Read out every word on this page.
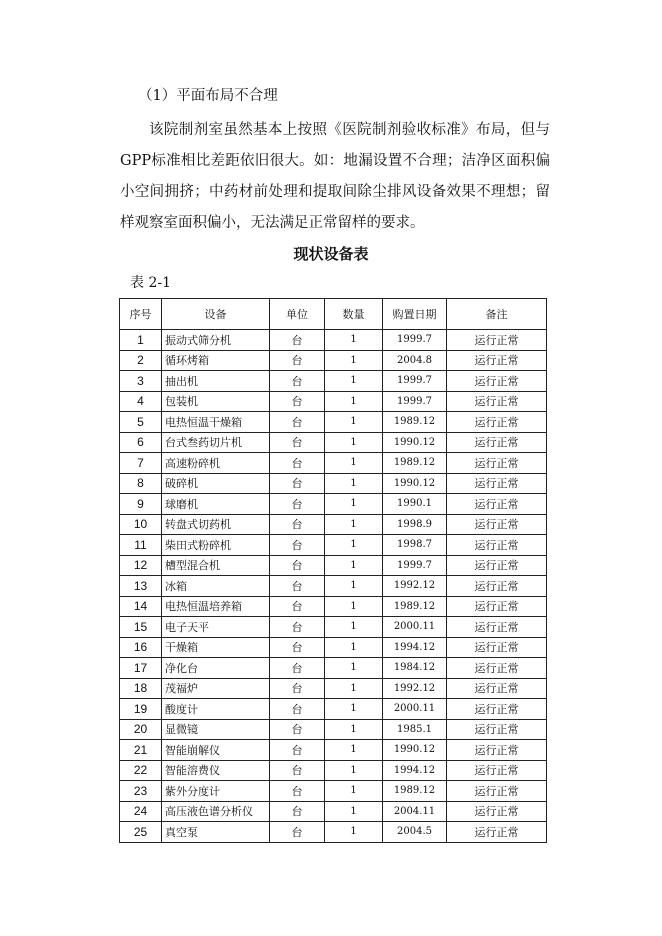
（1）平面布局不合理

该院制剂室虽然基本上按照《医院制剂验收标准》布局，但与GPP标准相比差距依旧很大。如：地漏设置不合理；洁净区面积偏小空间拥挤；中药材前处理和提取间除尘排风设备效果不理想；留样观察室面积偏小，无法满足正常留样的要求。

现状设备表
表 2-1
序号	设备	单位	数量	购置日期	备注
1	振动式筛分机	台	1	1999.7	运行正常
2	循环烤箱	台	1	2004.8	运行正常
3	抽出机	台	1	1999.7	运行正常
4	包装机	台	1	1999.7	运行正常
5	电热恒温干燥箱	台	1	1989.12	运行正常
6	台式叁药切片机	台	1	1990.12	运行正常
7	高速粉碎机	台	1	1989.12	运行正常
8	破碎机	台	1	1990.12	运行正常
9	球磨机	台	1	1990.1	运行正常
10	转盘式切药机	台	1	1998.9	运行正常
11	柴田式粉碎机	台	1	1998.7	运行正常
12	槽型混合机	台	1	1999.7	运行正常
13	冰箱	台	1	1992.12	运行正常
14	电热恒温培养箱	台	1	1989.12	运行正常
15	电子天平	台	1	2000.11	运行正常
16	干燥箱	台	1	1994.12	运行正常
17	净化台	台	1	1984.12	运行正常
18	茂福炉	台	1	1992.12	运行正常
19	酸度计	台	1	2000.11	运行正常
20	显微镜	台	1	1985.1	运行正常
21	智能崩解仪	台	1	1990.12	运行正常
22	智能溶费仪	台	1	1994.12	运行正常
23	紫外分度计	台	1	1989.12	运行正常
24	高压液色谱分析仪	台	1	2004.11	运行正常
25	真空泵	台	1	2004.5	运行正常
